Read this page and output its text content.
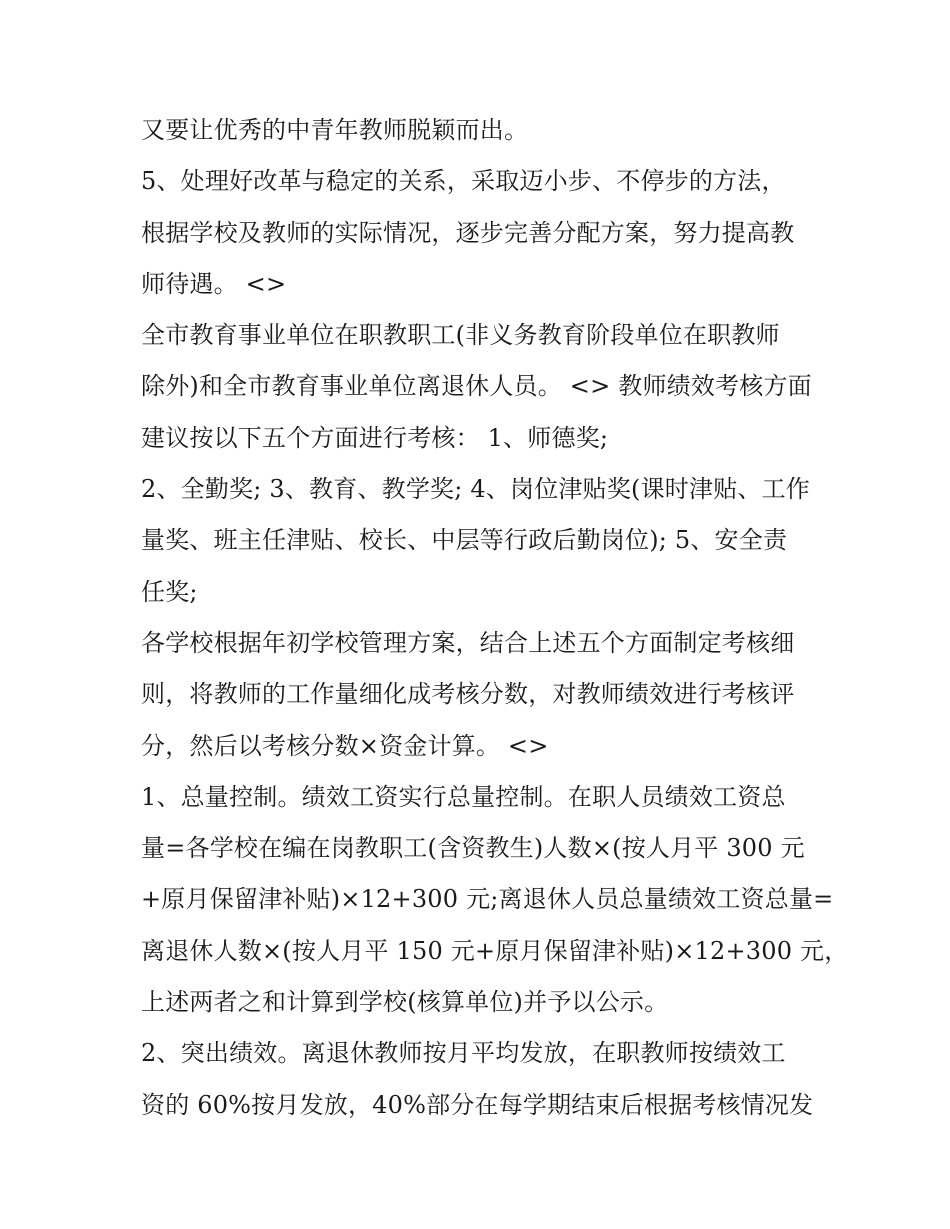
又要让优秀的中青年教师脱颖而出。
5、处理好改革与稳定的关系，采取迈小步、不停步的方法，
根据学校及教师的实际情况，逐步完善分配方案，努力提高教
师待遇。 <>
全市教育事业单位在职教职工(非义务教育阶段单位在职教师
除外)和全市教育事业单位离退休人员。 <> 教师绩效考核方面
建议按以下五个方面进行考核： 1、师德奖;
2、全勤奖; 3、教育、教学奖; 4、岗位津贴奖(课时津贴、工作
量奖、班主任津贴、校长、中层等行政后勤岗位); 5、安全责
任奖;
各学校根据年初学校管理方案，结合上述五个方面制定考核细
则，将教师的工作量细化成考核分数，对教师绩效进行考核评
分，然后以考核分数×资金计算。 <>
1、总量控制。绩效工资实行总量控制。在职人员绩效工资总
量=各学校在编在岗教职工(含资教生)人数×(按人月平 300 元
+原月保留津补贴)×12+300 元;离退休人员总量绩效工资总量=
离退休人数×(按人月平 150 元+原月保留津补贴)×12+300 元，
上述两者之和计算到学校(核算单位)并予以公示。
2、突出绩效。离退休教师按月平均发放，在职教师按绩效工
资的 60%按月发放，40%部分在每学期结束后根据考核情况发
